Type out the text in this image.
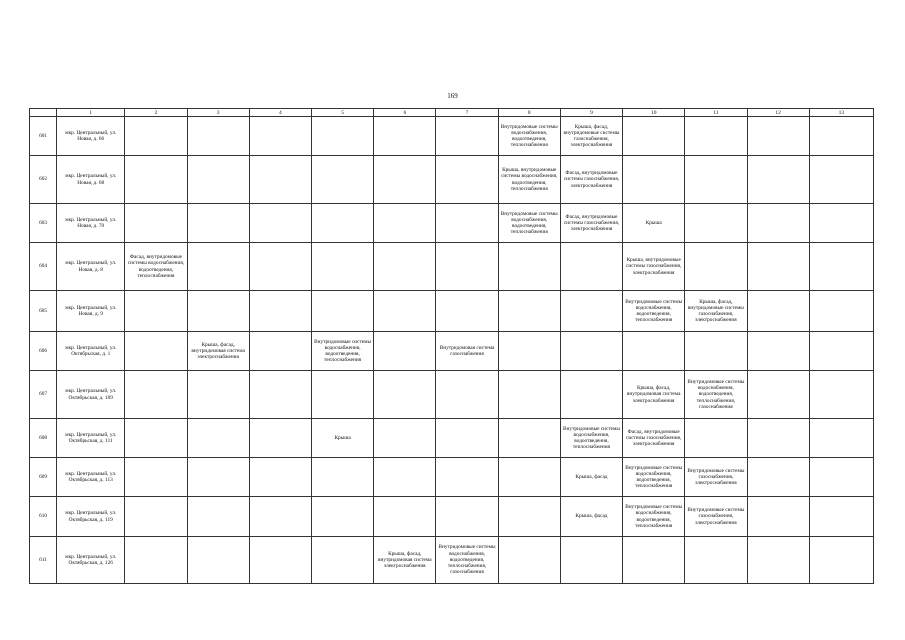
169
	1	2	3	4	5	6	7	8	9	10	11	12	13
601	мкр. Центральный, ул. Новая, д. 66							Внутридомовые системы водоснабжения, водоотведения, теплоснабжения	Крыша, фасад, внутридомовые системы газоснабжения, электроснабжения				
602	мкр. Центральный, ул. Новая, д. 68							Крыша, внутридомовые системы водоснабжения, водоотведения, теплоснабжения	Фасад, внутридомовые системы газоснабжения, электроснабжения				
603	мкр. Центральный, ул. Новая, д. 70							Внутридомовые системы водоснабжения, водоотведения, теплоснабжения	Фасад, внутридомовые системы газоснабжения, электроснабжения	Крыша			
604	мкр. Центральный, ул. Новая, д. 8	Фасад, внутридомовые системы водоснабжения, водоотведения, теплоснабжения								Крыша, внутридомовые системы газоснабжения, электроснабжения			
605	мкр. Центральный, ул. Новая, д. 9									Внутридомовые системы водоснабжения, водоотведения, теплоснабжения	Крыша, фасад, внутридомовые системы газоснабжения, электроснабжения		
606	мкр. Центральный, ул. Октябрьская, д. 1		Крыша, фасад, внутридомовая система электроснабжения		Внутридомовые системы водоснабжения, водоотведения, теплоснабжения		Внутридомовая система газоснабжения						
607	мкр. Центральный, ул. Октябрьская, д. 109									Крыша, фасад, внутридомовая система электроснабжения	Внутридомовые системы водоснабжения, водоотведения, теплоснабжения, газоснабжения		
608	мкр. Центральный, ул. Октябрьская, д. 111				Крыша				Внутридомовые системы водоснабжения, водоотведения, теплоснабжения	Фасад, внутридомовые системы газоснабжения, электроснабжения			
609	мкр. Центральный, ул. Октябрьская, д. 113								Крыша, фасад	Внутридомовые системы водоснабжения, водоотведения, теплоснабжения	Внутридомовые системы газоснабжения, электроснабжения		
610	мкр. Центральный, ул. Октябрьская, д. 119								Крыша, фасад	Внутридомовые системы водоснабжения, водоотведения, теплоснабжения	Внутридомовые системы газоснабжения, электроснабжения		
611	мкр. Центральный, ул. Октябрьская, д. 126					Крыша, фасад, внутридомовая система электроснабжения	Внутридомовые системы водоснабжения, водоотведения, теплоснабжения, газоснабжения						
